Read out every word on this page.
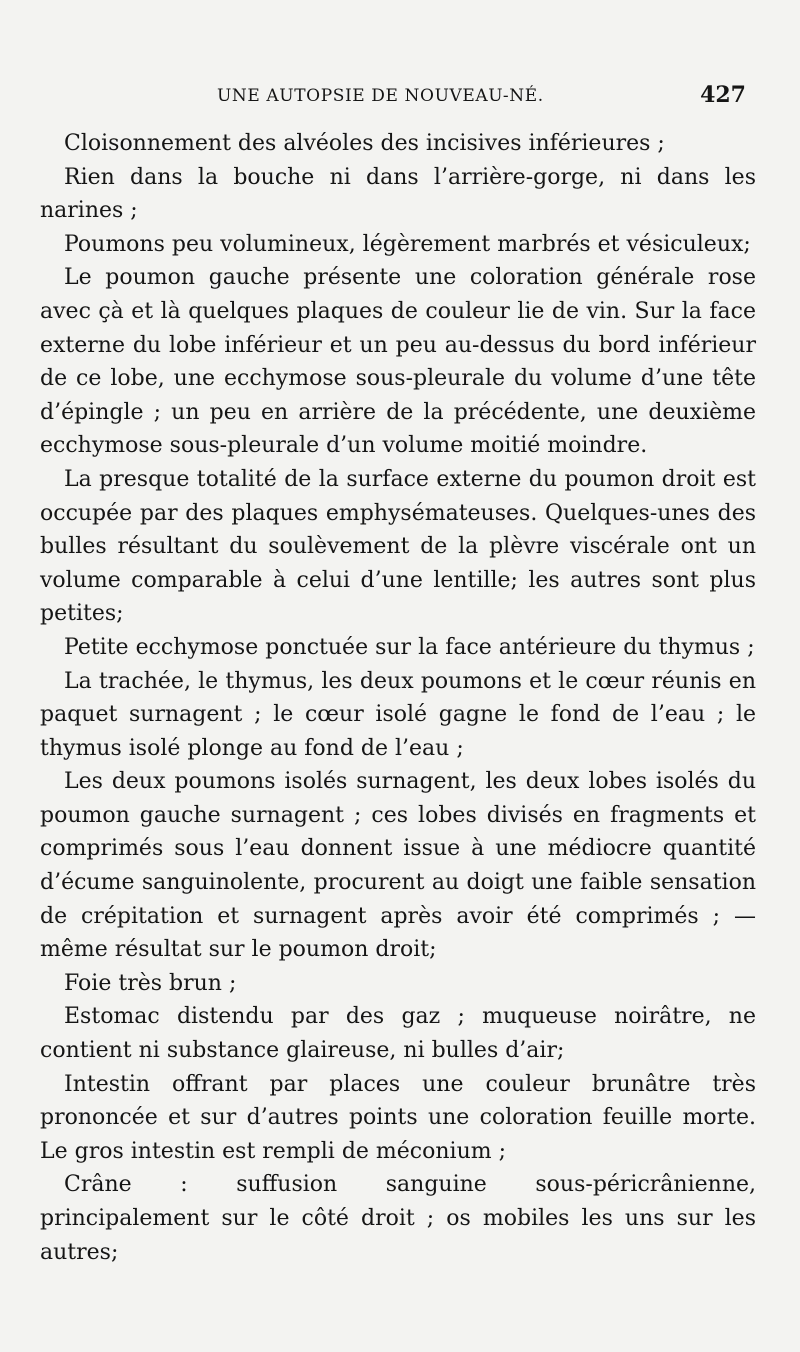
UNE AUTOPSIE DE NOUVEAU-NÉ.	427

Cloisonnement des alvéoles des incisives inférieures ;

Rien dans la bouche ni dans l’arrière-gorge, ni dans les narines ;

Poumons peu volumineux, légèrement marbrés et vésiculeux;

Le poumon gauche présente une coloration générale rose avec çà et là quelques plaques de couleur lie de vin. Sur la face externe du lobe inférieur et un peu au-dessus du bord inférieur de ce lobe, une ecchymose sous-pleurale du volume d’une tête d’épingle ; un peu en arrière de la précédente, une deuxième ecchymose sous-pleurale d’un volume moitié moindre.

La presque totalité de la surface externe du poumon droit est occupée par des plaques emphysémateuses. Quelques-unes des bulles résultant du soulèvement de la plèvre viscérale ont un volume comparable à celui d’une lentille; les autres sont plus petites;

Petite ecchymose ponctuée sur la face antérieure du thymus ;

La trachée, le thymus, les deux poumons et le cœur réunis en paquet surnagent ; le cœur isolé gagne le fond de l’eau ; le thymus isolé plonge au fond de l’eau ;

Les deux poumons isolés surnagent, les deux lobes isolés du poumon gauche surnagent ; ces lobes divisés en fragments et comprimés sous l’eau donnent issue à une médiocre quantité d’écume sanguinolente, procurent au doigt une faible sensation de crépitation et surnagent après avoir été comprimés ; — même résultat sur le poumon droit;

Foie très brun ;

Estomac distendu par des gaz ; muqueuse noirâtre, ne contient ni substance glaireuse, ni bulles d’air;

Intestin offrant par places une couleur brunâtre très prononcée et sur d’autres points une coloration feuille morte. Le gros intestin est rempli de méconium ;

Crâne : suffusion sanguine sous-péricrânienne, principalement sur le côté droit ; os mobiles les uns sur les autres;
